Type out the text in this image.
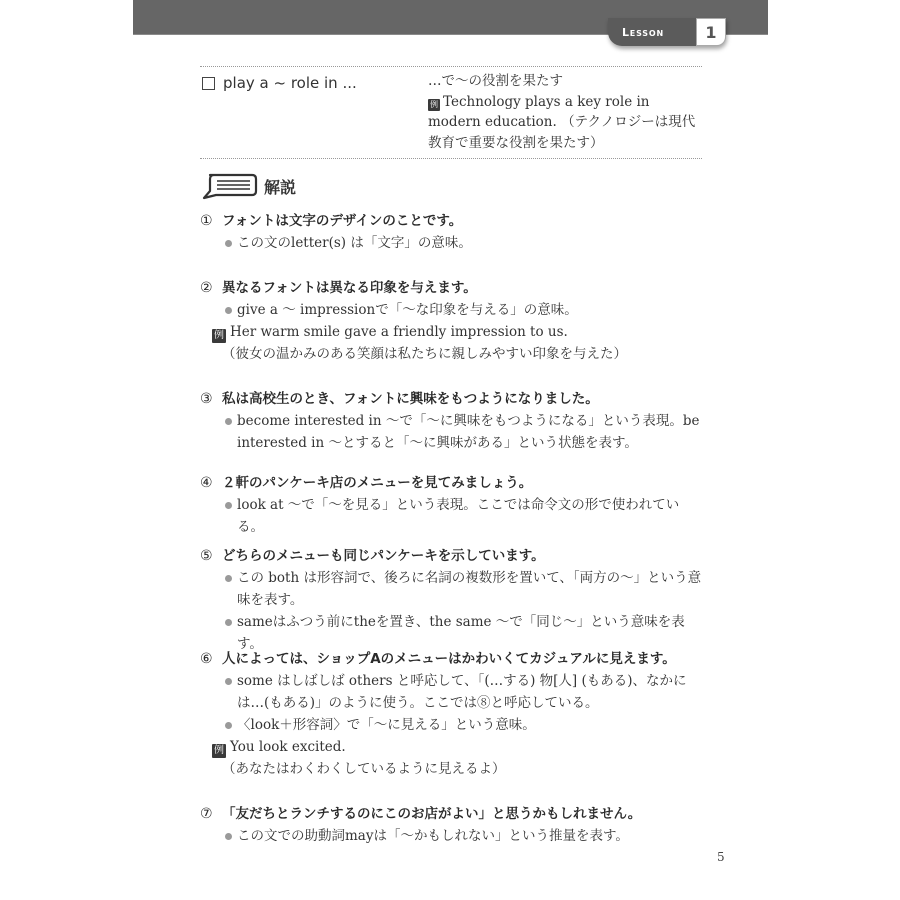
Lesson	1
play a ~ role in ...	…で～の役割を果たす
例 Technology plays a key role in modern education. （テクノロジーは現代教育で重要な役割を果たす）
解説
① フォントは文字のデザインのことです。
この文のletter(s) は「文字」の意味。
② 異なるフォントは異なる印象を与えます。
give a ～ impressionで「～な印象を与える」の意味。
例 Her warm smile gave a friendly impression to us.
（彼女の温かみのある笑顔は私たちに親しみやすい印象を与えた）
③ 私は高校生のとき、フォントに興味をもつようになりました。
become interested in ～で「～に興味をもつようになる」という表現。be interested in ～とすると「～に興味がある」という状態を表す。
④ ２軒のパンケーキ店のメニューを見てみましょう。
look at ～で「～を見る」という表現。ここでは命令文の形で使われている。
⑤ どちらのメニューも同じパンケーキを示しています。
この both は形容詞で、後ろに名詞の複数形を置いて、「両方の～」という意味を表す。
sameはふつう前にtheを置き、the same ～で「同じ～」という意味を表す。
⑥ 人によっては、ショップAのメニューはかわいくてカジュアルに見えます。
some はしばしば others と呼応して、「(…する) 物[人] (もある)、なかには…(もある)」のように使う。ここでは⑧と呼応している。
〈look＋形容詞〉で「～に見える」という意味。
例 You look excited.
（あなたはわくわくしているように見えるよ）
⑦ 「友だちとランチするのにこのお店がよい」と思うかもしれません。
この文での助動詞mayは「～かもしれない」という推量を表す。
5
